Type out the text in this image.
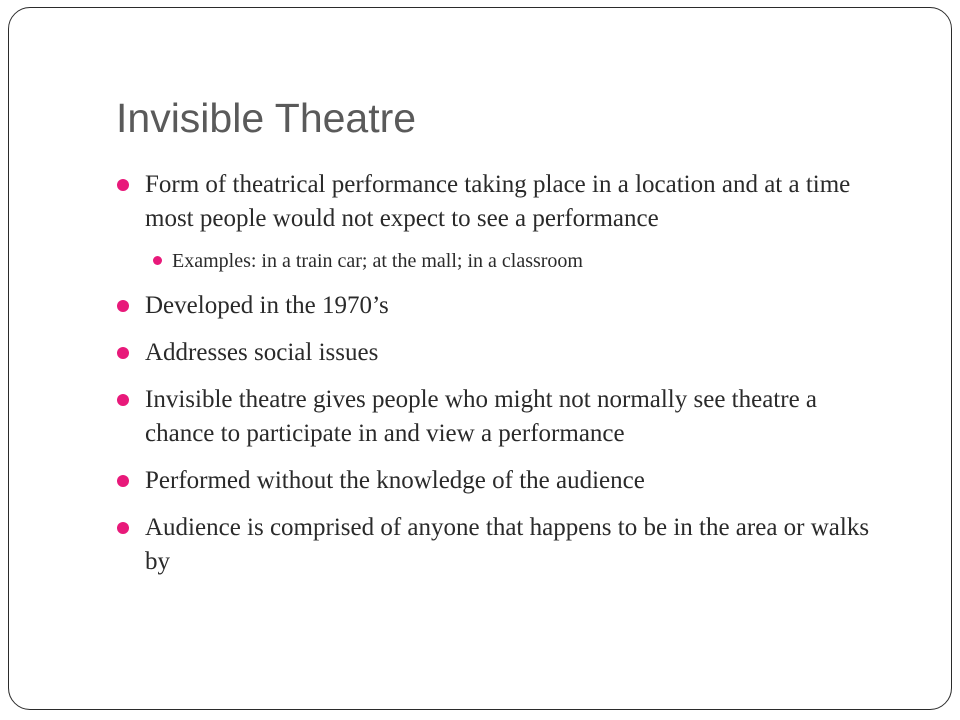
Invisible Theatre
Form of theatrical performance taking place in a location and at a time most people would not expect to see a performance
Examples: in a train car; at the mall; in a classroom
Developed in the 1970’s
Addresses social issues
Invisible theatre gives people who might not normally see theatre a chance to participate in and view a performance
Performed without the knowledge of the audience
Audience is comprised of anyone that happens to be in the area or walks by
